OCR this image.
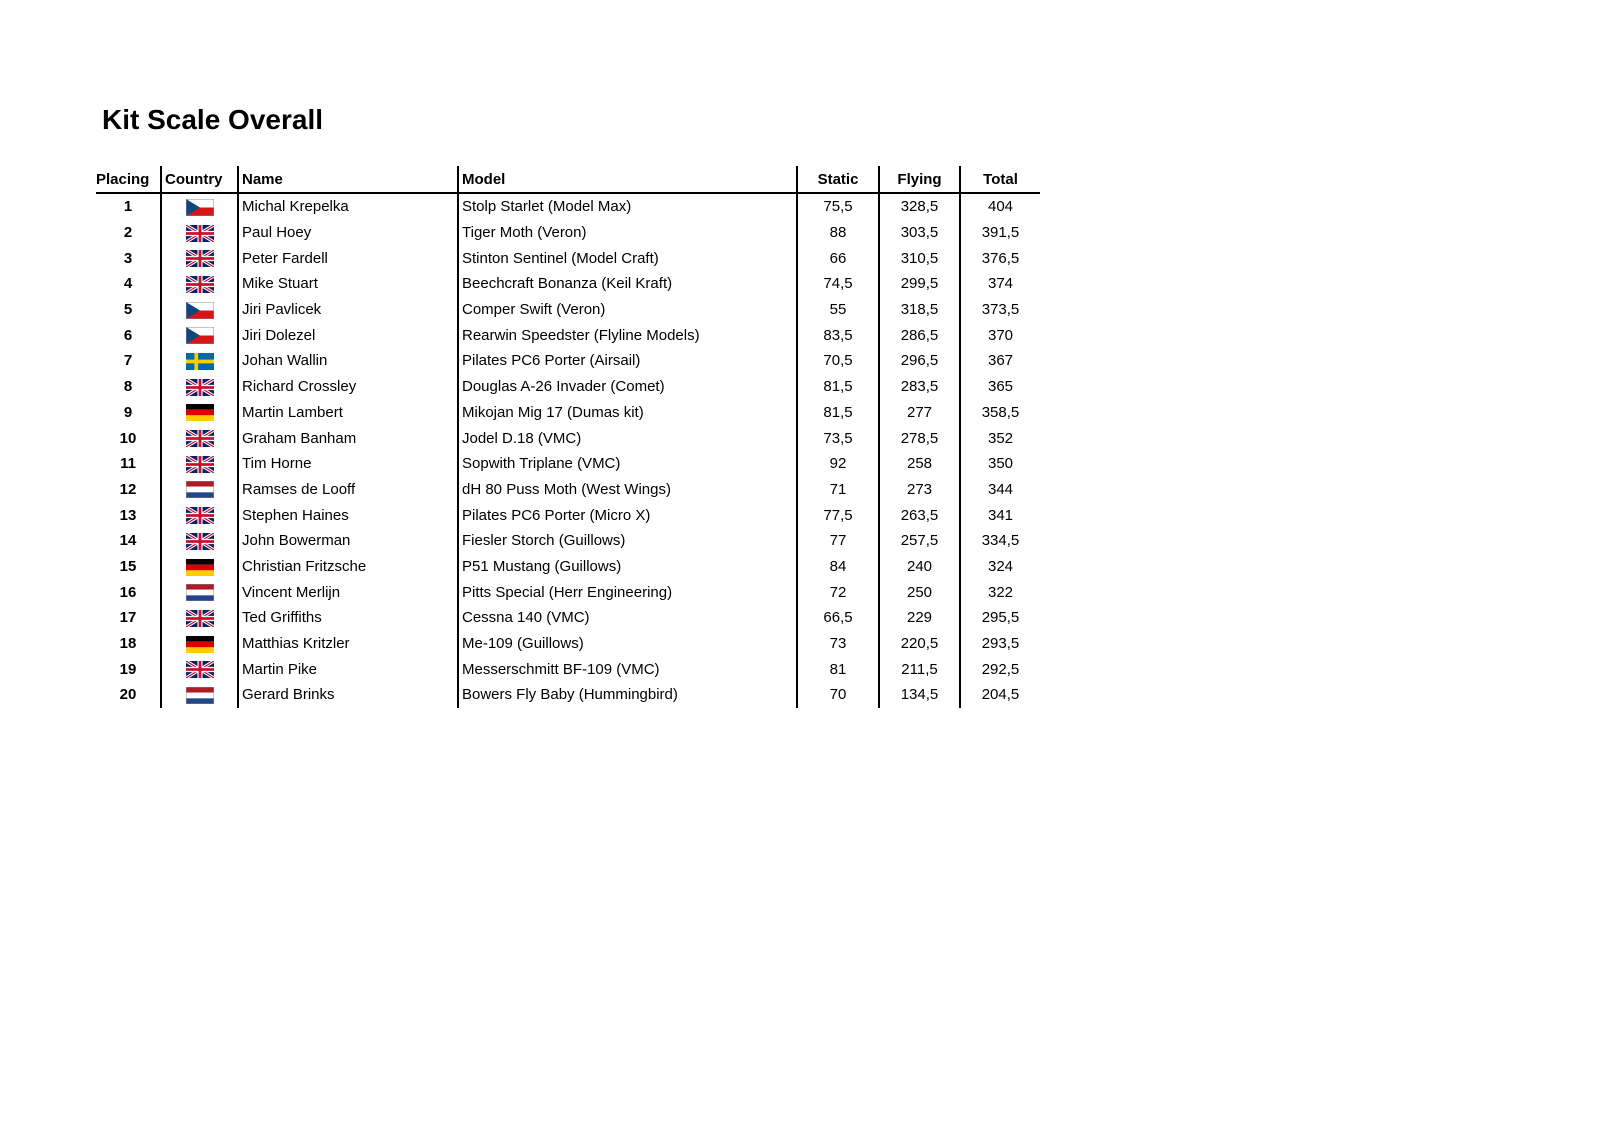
Kit Scale Overall
Placing	Country	Name	Model	Static	Flying	Total
1		Michal Krepelka	Stolp Starlet (Model Max)	75,5	328,5	404
2		Paul Hoey	Tiger Moth (Veron)	88	303,5	391,5
3		Peter Fardell	Stinton Sentinel (Model Craft)	66	310,5	376,5
4		Mike Stuart	Beechcraft Bonanza (Keil Kraft)	74,5	299,5	374
5		Jiri Pavlicek	Comper Swift (Veron)	55	318,5	373,5
6		Jiri Dolezel	Rearwin Speedster (Flyline Models)	83,5	286,5	370
7		Johan Wallin	Pilates PC6 Porter (Airsail)	70,5	296,5	367
8		Richard Crossley	Douglas A-26 Invader (Comet)	81,5	283,5	365
9		Martin Lambert	Mikojan Mig 17 (Dumas kit)	81,5	277	358,5
10		Graham Banham	Jodel D.18 (VMC)	73,5	278,5	352
11		Tim Horne	Sopwith Triplane (VMC)	92	258	350
12		Ramses de Looff	dH 80 Puss Moth (West Wings)	71	273	344
13		Stephen Haines	Pilates PC6 Porter (Micro X)	77,5	263,5	341
14		John Bowerman	Fiesler Storch (Guillows)	77	257,5	334,5
15		Christian Fritzsche	P51 Mustang (Guillows)	84	240	324
16		Vincent Merlijn	Pitts Special (Herr Engineering)	72	250	322
17		Ted Griffiths	Cessna 140 (VMC)	66,5	229	295,5
18		Matthias Kritzler	Me-109 (Guillows)	73	220,5	293,5
19		Martin Pike	Messerschmitt BF-109 (VMC)	81	211,5	292,5
20		Gerard Brinks	Bowers Fly Baby (Hummingbird)	70	134,5	204,5
